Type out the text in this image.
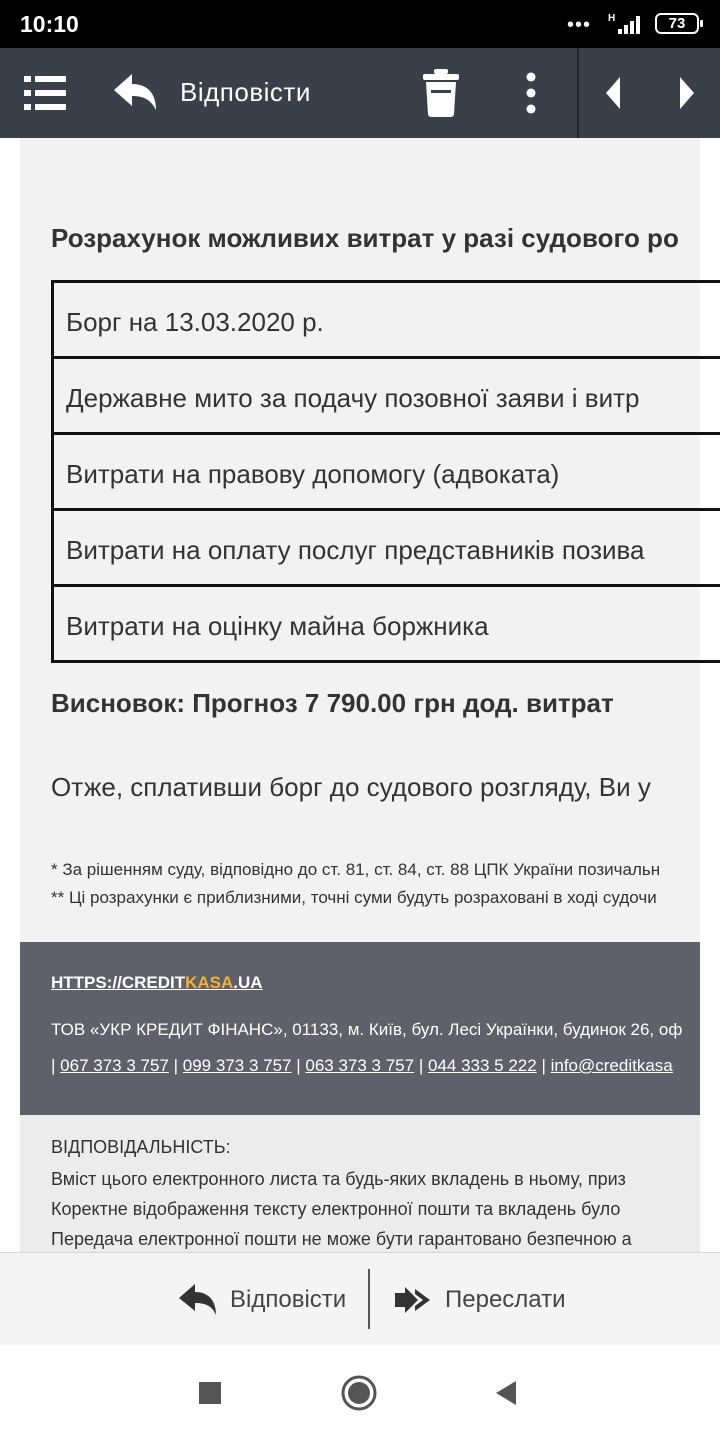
10:10	••• H	73
Відповісти
Розрахунок можливих витрат у разі судового ро
Борг на 13.03.2020 р.
Державне мито за подачу позовної заяви і витр
Витрати на правову допомогу (адвоката)
Витрати на оплату послуг представників позива
Витрати на оцінку майна боржника
Висновок: Прогноз 7 790.00 грн дод. витрат
Отже, сплативши борг до судового розгляду, Ви у
* За рішенням суду, відповідно до ст. 81, ст. 84, ст. 88 ЦПК України позичальн
** Ці розрахунки є приблизними, точні суми будуть розраховані в ході судочи
HTTPS://CREDITKASA.UA
ТОВ «УКР КРЕДИТ ФІНАНС», 01133, м. Київ, бул. Лесі Українки, будинок 26, оф
| 067 373 3 757 | 099 373 3 757 | 063 373 3 757 | 044 333 5 222 | info@creditkasa
ВІДПОВІДАЛЬНІСТЬ:
Вміст цього електронного листа та будь-яких вкладень в ньому, приз
Коректне відображення тексту електронної пошти та вкладень було
Передача електронної пошти не може бути гарантовано безпечною а
Відповісти	Переслати
